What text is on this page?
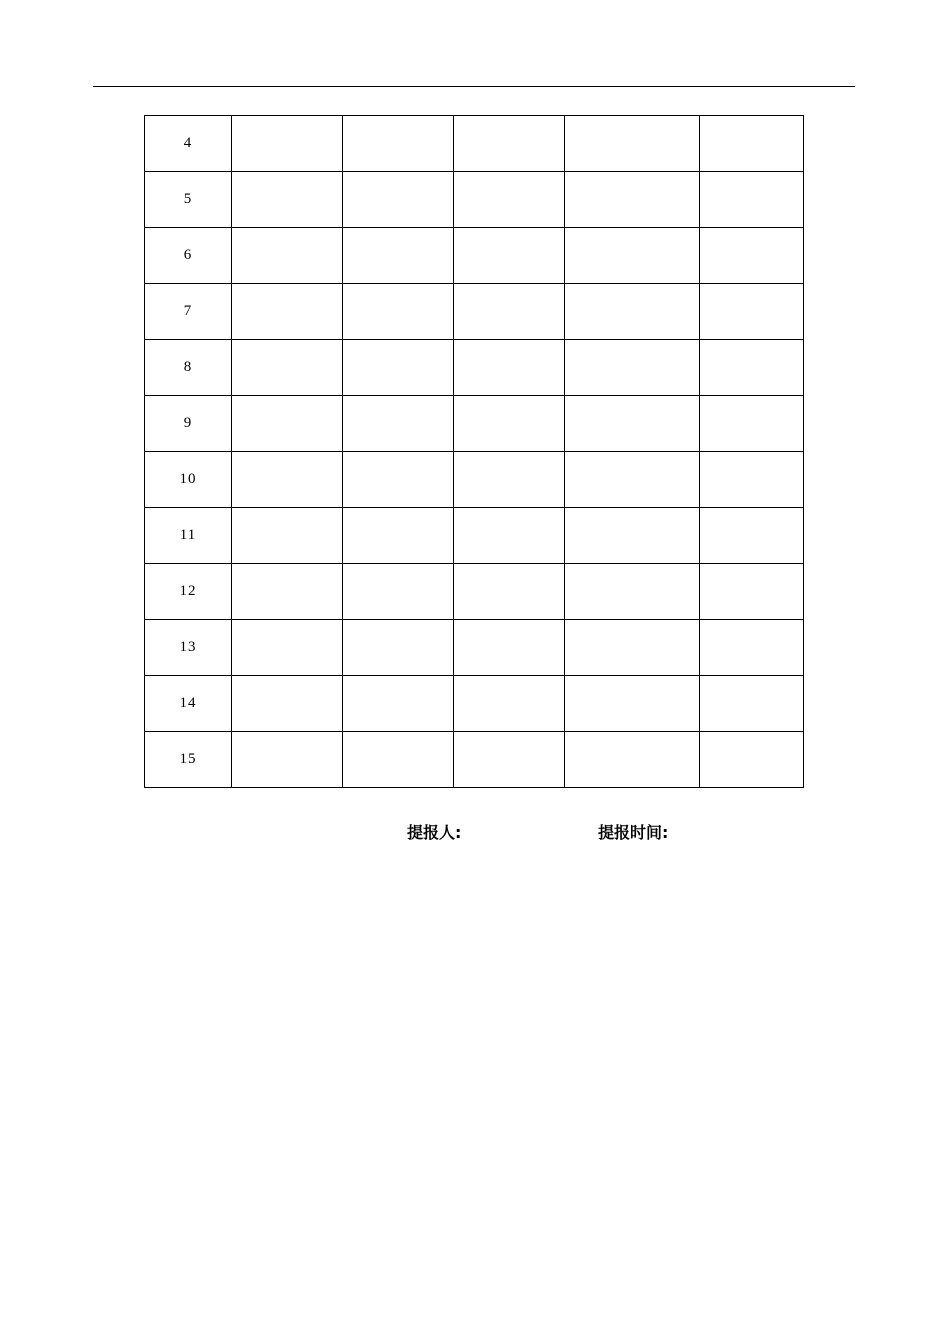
4					
5					
6					
7					
8					
9					
10					
11					
12					
13					
14					
15					
提报人:	提报时间:
